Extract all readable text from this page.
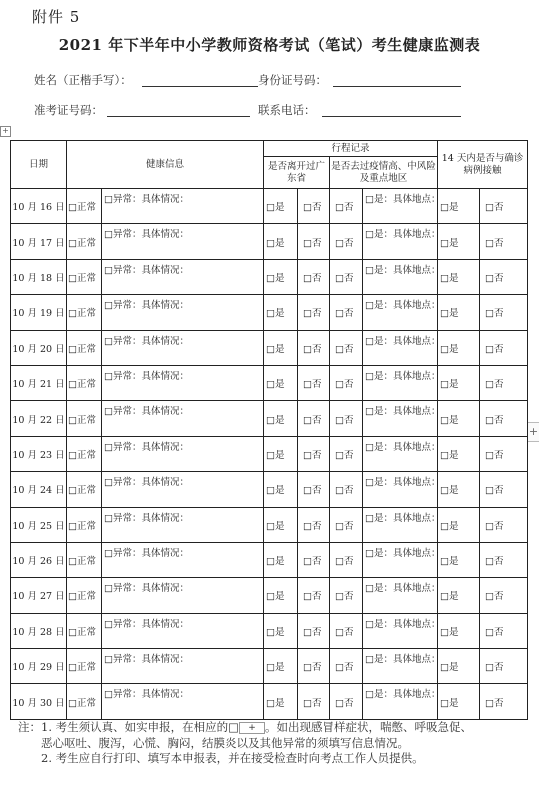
附件 5
2021 年下半年中小学教师资格考试（笔试）考生健康监测表
姓名（正楷手写）：	身份证号码：
准考证号码：	联系电话：
+
+
日期	健康信息		行程记录				14 天内是否与确诊病例接触	
			是否离开过广东省		是否去过疫情高、中风险及重点地区			
10 月 16 日	□正常	□异常：具体情况：	□是	□否	□否	□是：具体地点：	□是	□否
10 月 17 日	□正常	□异常：具体情况：	□是	□否	□否	□是：具体地点：	□是	□否
10 月 18 日	□正常	□异常：具体情况：	□是	□否	□否	□是：具体地点：	□是	□否
10 月 19 日	□正常	□异常：具体情况：	□是	□否	□否	□是：具体地点：	□是	□否
10 月 20 日	□正常	□异常：具体情况：	□是	□否	□否	□是：具体地点：	□是	□否
10 月 21 日	□正常	□异常：具体情况：	□是	□否	□否	□是：具体地点：	□是	□否
10 月 22 日	□正常	□异常：具体情况：	□是	□否	□否	□是：具体地点：	□是	□否
10 月 23 日	□正常	□异常：具体情况：	□是	□否	□否	□是：具体地点：	□是	□否
10 月 24 日	□正常	□异常：具体情况：	□是	□否	□否	□是：具体地点：	□是	□否
10 月 25 日	□正常	□异常：具体情况：	□是	□否	□否	□是：具体地点：	□是	□否
10 月 26 日	□正常	□异常：具体情况：	□是	□否	□否	□是：具体地点：	□是	□否
10 月 27 日	□正常	□异常：具体情况：	□是	□否	□否	□是：具体地点：	□是	□否
10 月 28 日	□正常	□异常：具体情况：	□是	□否	□否	□是：具体地点：	□是	□否
10 月 29 日	□正常	□异常：具体情况：	□是	□否	□否	□是：具体地点：	□是	□否
10 月 30 日	□正常	□异常：具体情况：	□是	□否	□否	□是：具体地点：	□是	□否
注：1. 考生须认真、如实申报，在相应的□ + 。如出现感冒样症状，喘憋、呼吸急促、
恶心呕吐、腹泻，心慌、胸闷，结膜炎以及其他异常的须填写信息情况。
2. 考生应自行打印、填写本申报表，并在接受检查时向考点工作人员提供。
